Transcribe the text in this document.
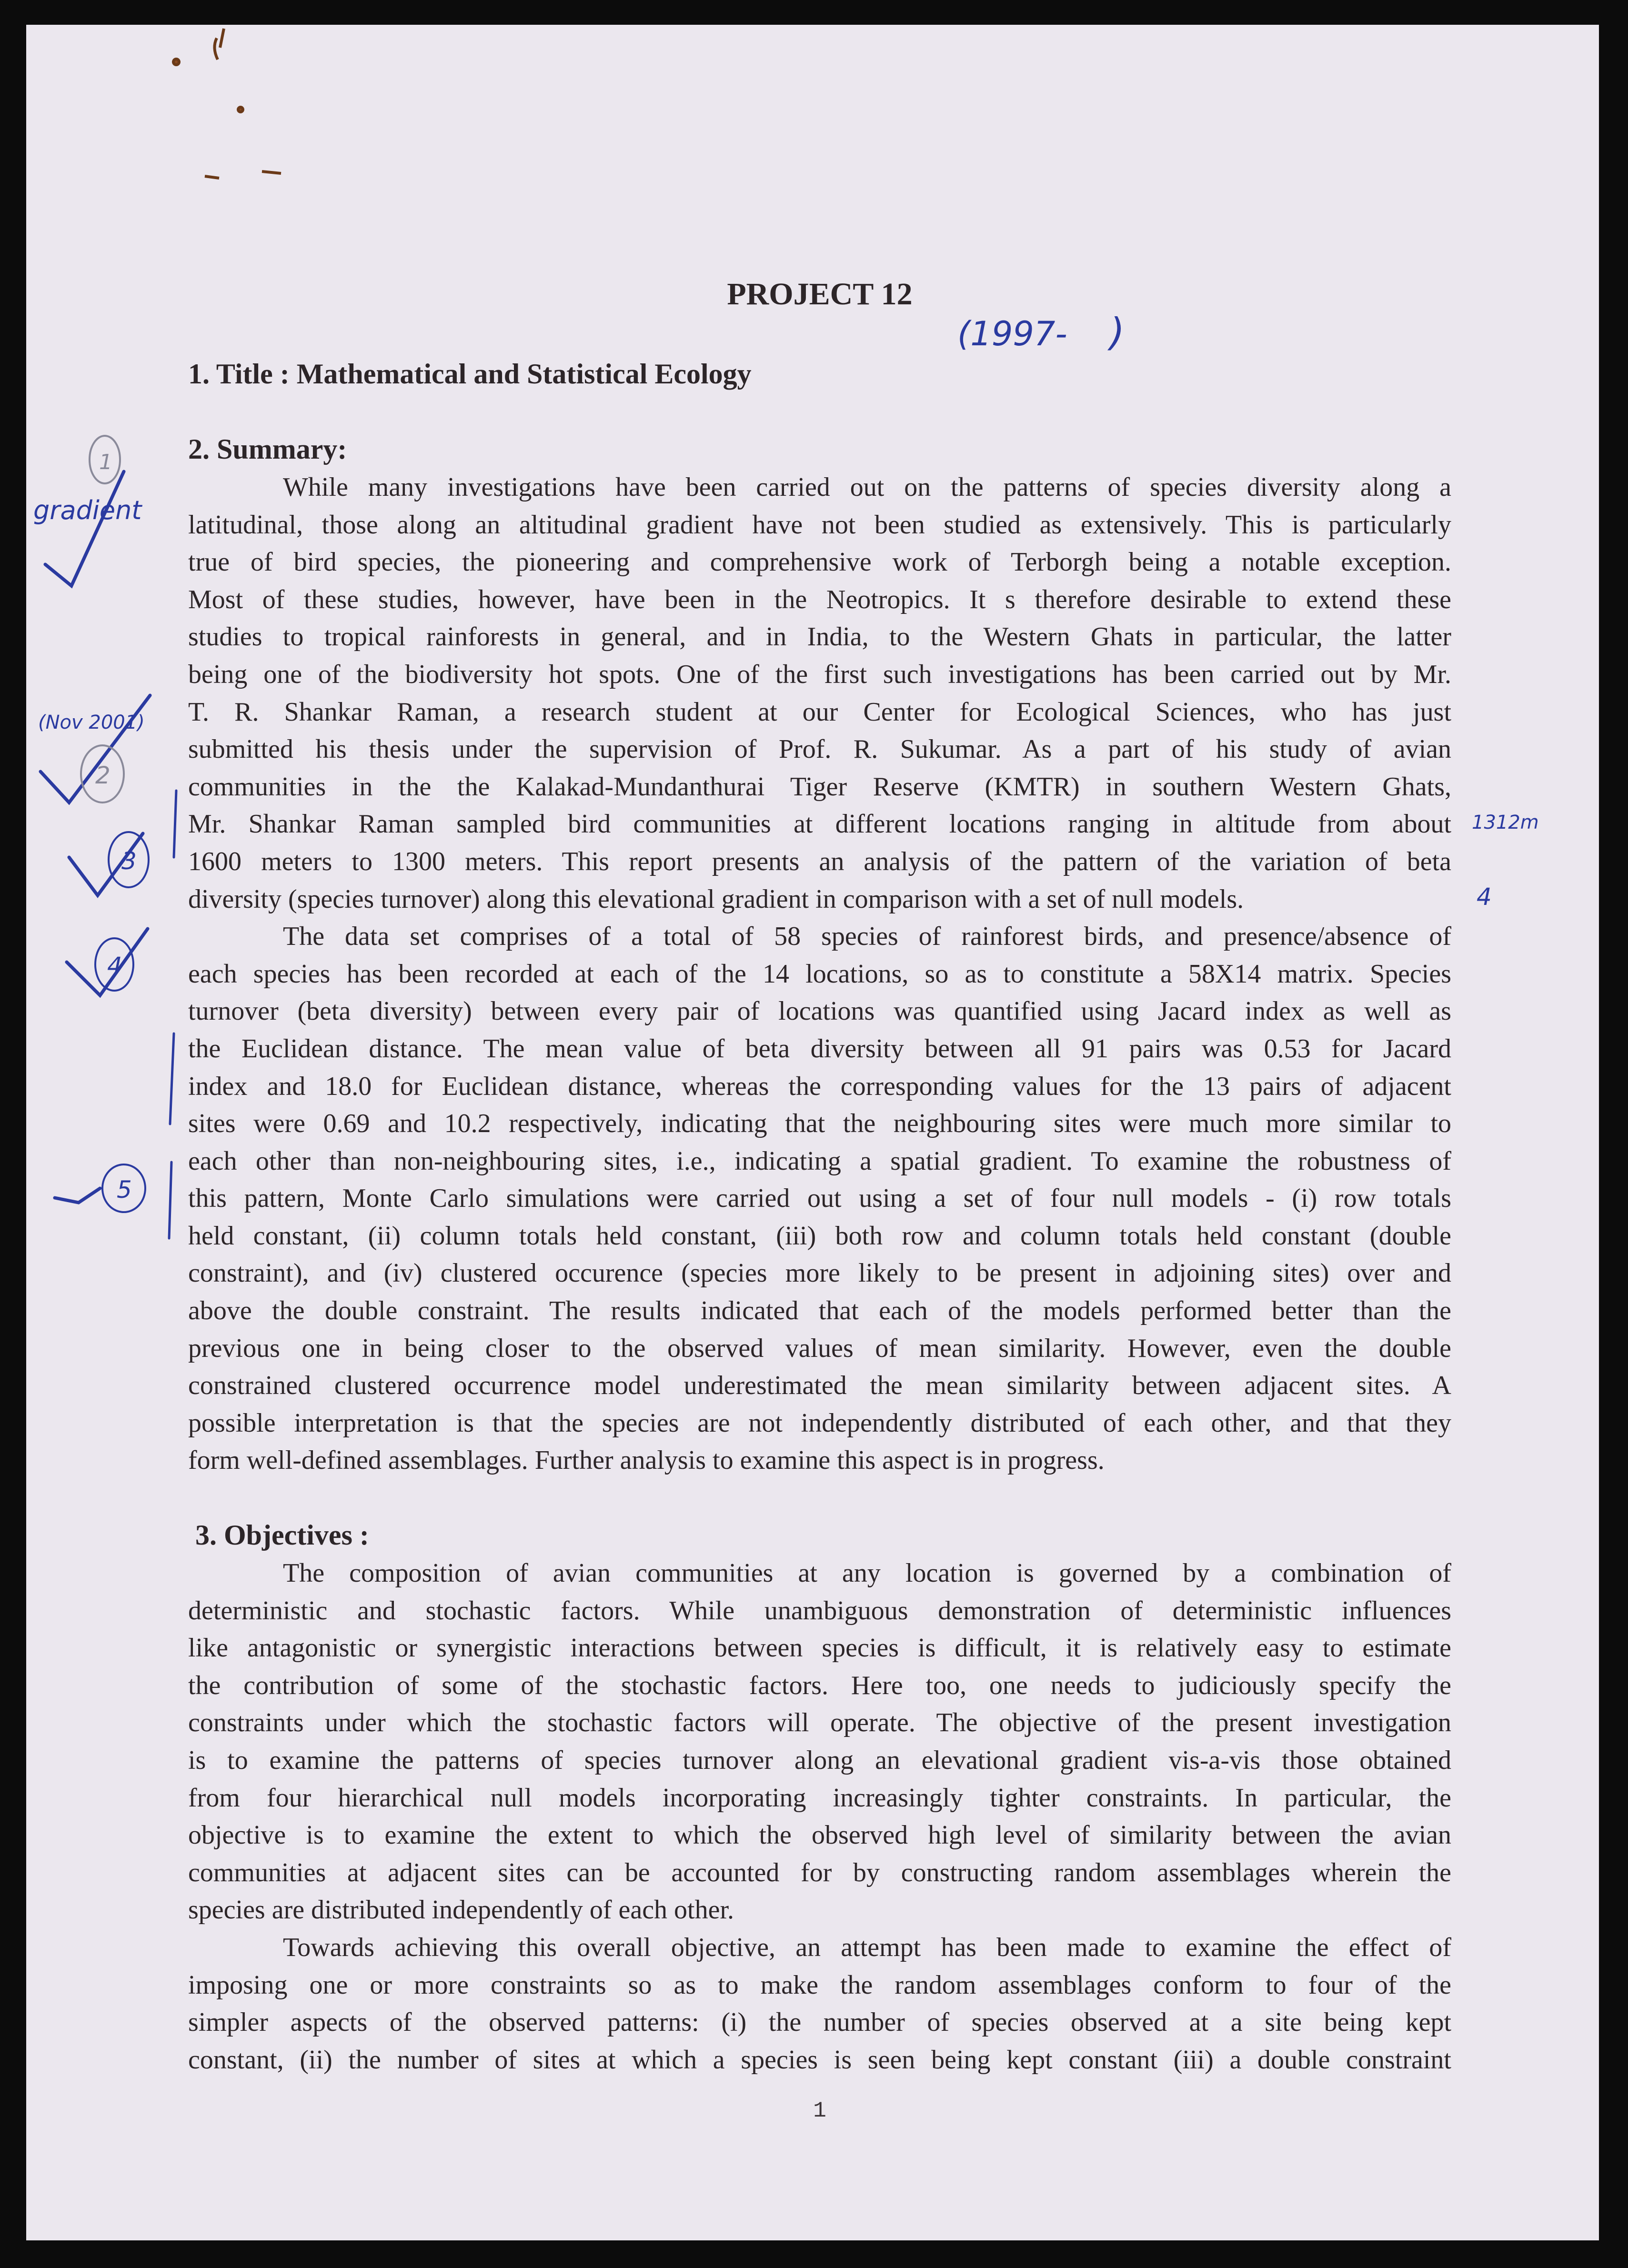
PROJECT 12
1. Title : Mathematical and Statistical Ecology
2. Summary:
While many investigations have been carried out on the patterns of species diversity along a
latitudinal, those along an altitudinal gradient have not been studied as extensively. This is particularly
true of bird species, the pioneering and comprehensive work of Terborgh being a notable exception.
Most of these studies, however, have been in the Neotropics. It s therefore desirable to extend these
studies to tropical rainforests in general, and in India, to the Western Ghats in particular, the latter
being one of the biodiversity hot spots. One of the first such investigations has been carried out by Mr.
T. R. Shankar Raman, a research student at our Center for Ecological Sciences, who has just
submitted his thesis under the supervision of Prof. R. Sukumar. As a part of his study of avian
communities in the the Kalakad-Mundanthurai Tiger Reserve (KMTR) in southern Western Ghats,
Mr. Shankar Raman sampled bird communities at different locations ranging in altitude from about
1600 meters to 1300 meters. This report presents an analysis of the pattern of the variation of beta
diversity (species turnover) along this elevational gradient in comparison with a set of null models.
The data set comprises of a total of 58 species of rainforest birds, and presence/absence of
each species has been recorded at each of the 14 locations, so as to constitute a 58X14 matrix. Species
turnover (beta diversity) between every pair of locations was quantified using Jacard index as well as
the Euclidean distance. The mean value of beta diversity between all 91 pairs was 0.53 for Jacard
index and 18.0 for Euclidean distance, whereas the corresponding values for the 13 pairs of adjacent
sites were 0.69 and 10.2 respectively, indicating that the neighbouring sites were much more similar to
each other than non-neighbouring sites, i.e., indicating a spatial gradient. To examine the robustness of
this pattern, Monte Carlo simulations were carried out using a set of four null models - (i) row totals
held constant, (ii) column totals held constant, (iii) both row and column totals held constant (double
constraint), and (iv) clustered occurence (species more likely to be present in adjoining sites) over and
above the double constraint. The results indicated that each of the models performed better than the
previous one in being closer to the observed values of mean similarity. However, even the double
constrained clustered occurrence model underestimated the mean similarity between adjacent sites. A
possible interpretation is that the species are not independently distributed of each other, and that they
form well-defined assemblages. Further analysis to examine this aspect is in progress.
3. Objectives :
The composition of avian communities at any location is governed by a combination of
deterministic and stochastic factors. While unambiguous demonstration of deterministic influences
like antagonistic or synergistic interactions between species is difficult, it is relatively easy to estimate
the contribution of some of the stochastic factors. Here too, one needs to judiciously specify the
constraints under which the stochastic factors will operate. The objective of the present investigation
is to examine the patterns of species turnover along an elevational gradient vis-a-vis those obtained
from four hierarchical null models incorporating increasingly tighter constraints. In particular, the
objective is to examine the extent to which the observed high level of similarity between the avian
communities at adjacent sites can be accounted for by constructing random assemblages wherein the
species are distributed independently of each other.
Towards achieving this overall objective, an attempt has been made to examine the effect of
imposing one or more constraints so as to make the random assemblages conform to four of the
simpler aspects of the observed patterns: (i) the number of species observed at a site being kept
constant, (ii) the number of sites at which a species is seen being kept constant (iii) a double constraint
1
(1997- )
gradient
(Nov 2001)
1312m
4
1
2
3
4
5
